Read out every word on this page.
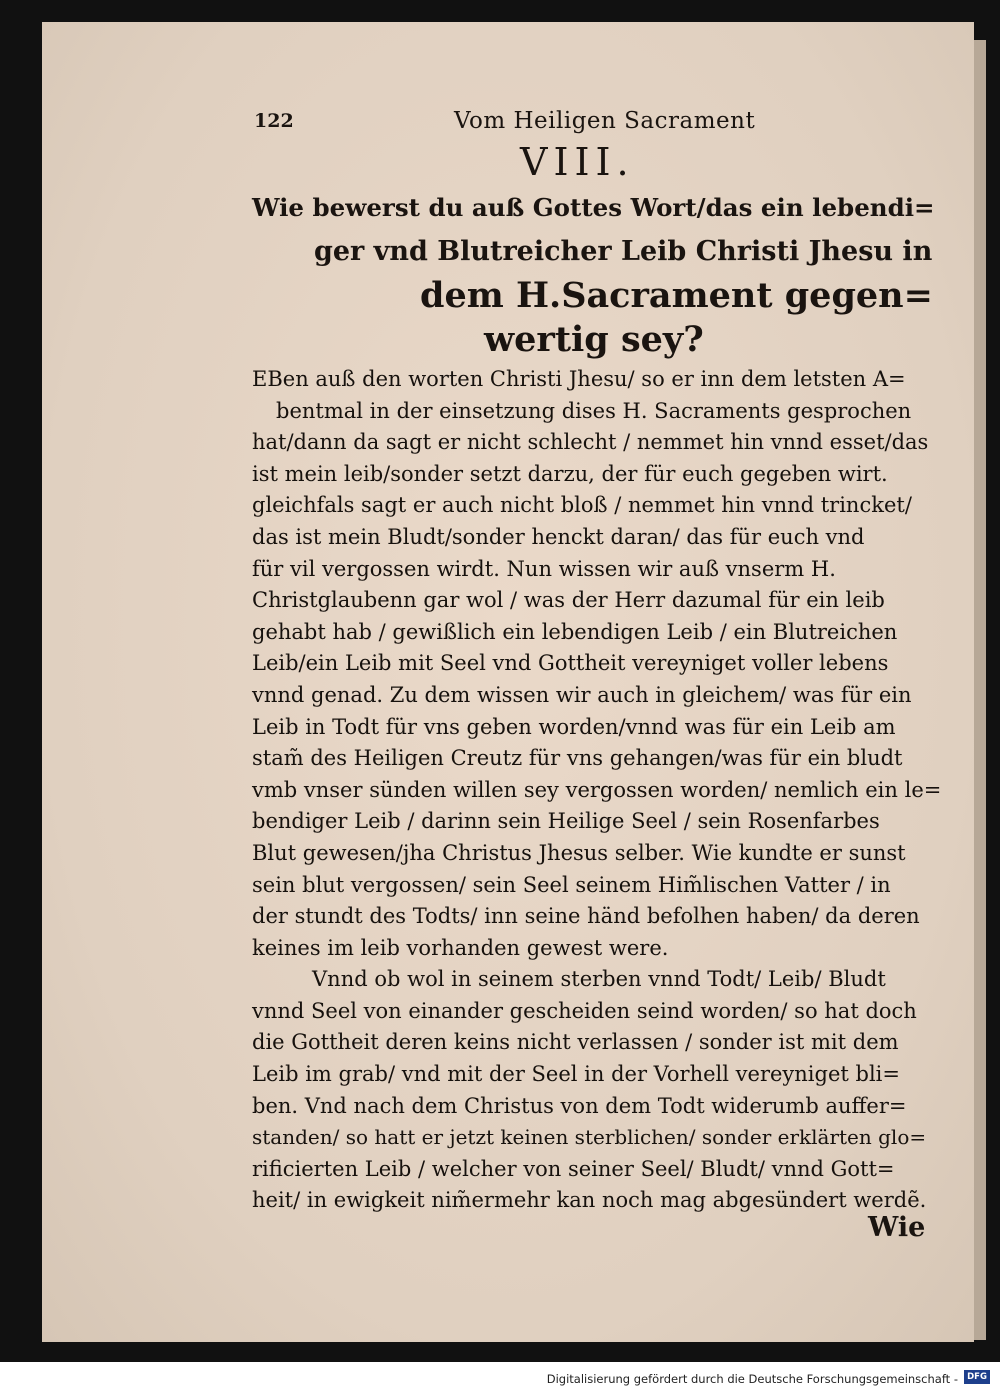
122	Vom Heiligen Sacrament
VIII.
Wie bewerst du auß Gottes Wort/das ein lebendi=
ger vnd Blutreicher Leib Christi Jhesu in
dem H.Sacrament gegen=
wertig sey?
EBen auß den worten Christi Jhesu/ so er inn dem letsten A=
bentmal in der einsetzung dises H. Sacraments gesprochen
hat/dann da sagt er nicht schlecht / nemmet hin vnnd esset/das
ist mein leib/sonder setzt darzu, der für euch gegeben wirt.
gleichfals sagt er auch nicht bloß / nemmet hin vnnd trincket/
das ist mein Bludt/sonder henckt daran/ das für euch vnd
für vil vergossen wirdt. Nun wissen wir auß vnserm H.
Christglaubenn gar wol / was der Herr dazumal für ein leib
gehabt hab / gewißlich ein lebendigen Leib / ein Blutreichen
Leib/ein Leib mit Seel vnd Gottheit vereyniget voller lebens
vnnd genad. Zu dem wissen wir auch in gleichem/ was für ein
Leib in Todt für vns geben worden/vnnd was für ein Leib am
stam̃ des Heiligen Creutz für vns gehangen/was für ein bludt
vmb vnser sünden willen sey vergossen worden/ nemlich ein le=
bendiger Leib / darinn sein Heilige Seel / sein Rosenfarbes
Blut gewesen/jha Christus Jhesus selber. Wie kundte er sunst
sein blut vergossen/ sein Seel seinem Him̃lischen Vatter / in
der stundt des Todts/ inn seine händ befolhen haben/ da deren
keines im leib vorhanden gewest were.
Vnnd ob wol in seinem sterben vnnd Todt/ Leib/ Bludt
vnnd Seel von einander gescheiden seind worden/ so hat doch
die Gottheit deren keins nicht verlassen / sonder ist mit dem
Leib im grab/ vnd mit der Seel in der Vorhell vereyniget bli=
ben. Vnd nach dem Christus von dem Todt widerumb auffer=
standen/ so hatt er jetzt keinen sterblichen/ sonder erklärten glo=
rificierten Leib / welcher von seiner Seel/ Bludt/ vnnd Gott=
heit/ in ewigkeit nim̃ermehr kan noch mag abgesündert werdẽ.
Wie
Digitalisierung gefördert durch die Deutsche Forschungsgemeinschaft -	DFG
